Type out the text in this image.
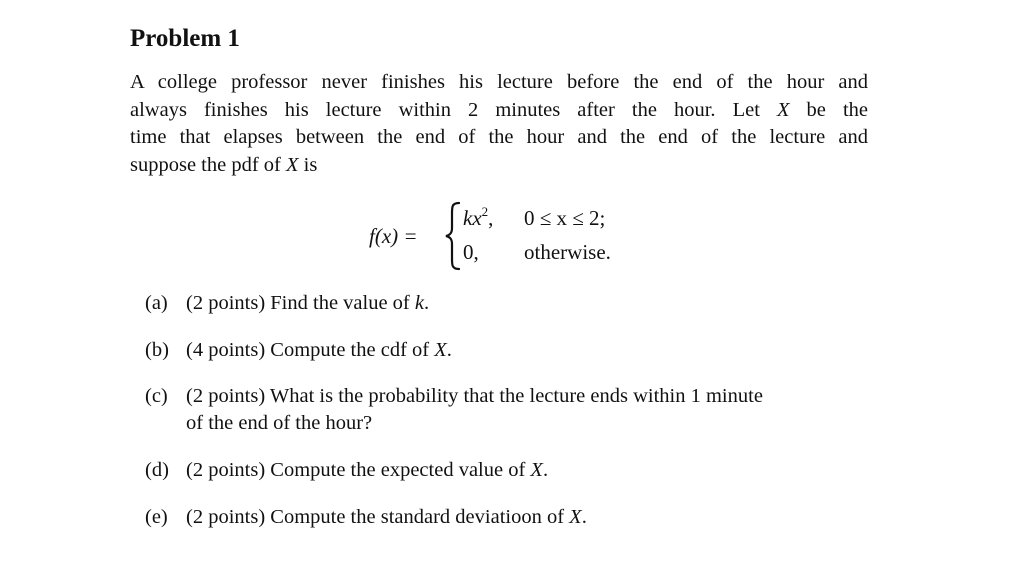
Problem 1
A college professor never finishes his lecture before the end of the hour and
always finishes his lecture within 2 minutes after the hour. Let X be the
time that elapses between the end of the hour and the end of the lecture and
suppose the pdf of X is
f(x) =
$kx^2$, 0 ≤ x ≤ 2;
0, otherwise.
(a) (2 points) Find the value of k.
(b) (4 points) Compute the cdf of X.
(c) (2 points) What is the probability that the lecture ends within 1 minute
of the end of the hour?
(d) (2 points) Compute the expected value of X.
(e) (2 points) Compute the standard deviatioon of X.
